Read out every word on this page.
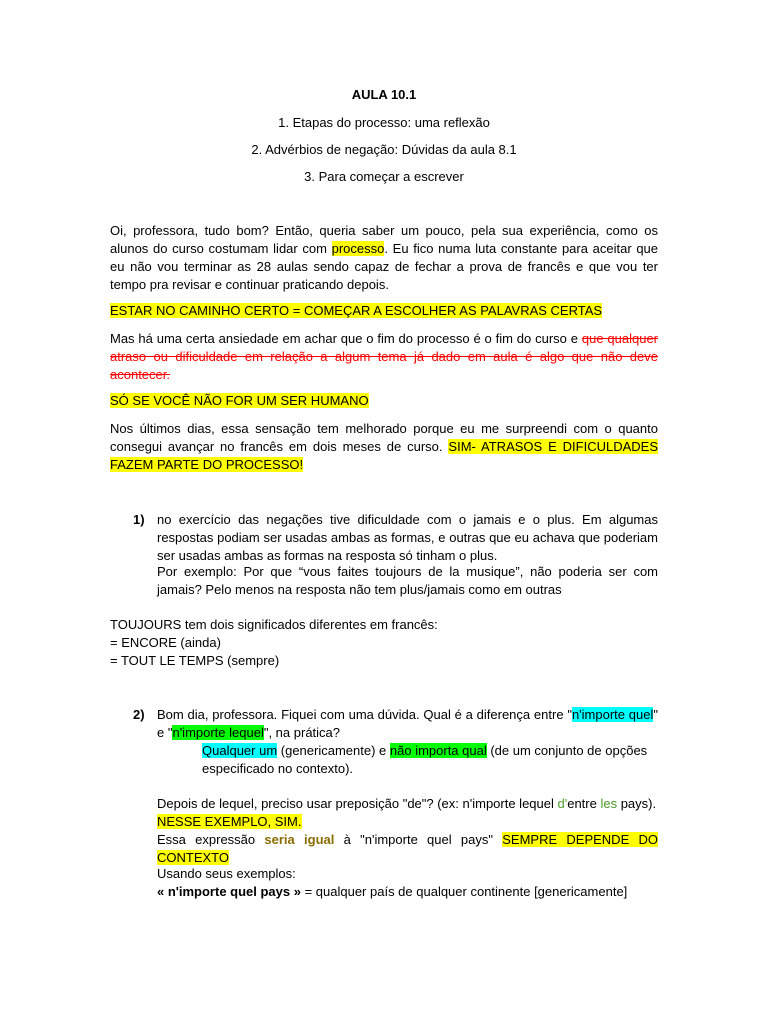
AULA 10.1
1. Etapas do processo: uma reflexão
2. Advérbios de negação: Dúvidas da aula 8.1
3. Para começar a escrever
Oi, professora, tudo bom? Então, queria saber um pouco, pela sua experiência, como os alunos do curso costumam lidar com processo. Eu fico numa luta constante para aceitar que eu não vou terminar as 28 aulas sendo capaz de fechar a prova de francês e que vou ter tempo pra revisar e continuar praticando depois.
ESTAR NO CAMINHO CERTO = COMEÇAR A ESCOLHER AS PALAVRAS CERTAS
Mas há uma certa ansiedade em achar que o fim do processo é o fim do curso e que qualquer atraso ou dificuldade em relação a algum tema já dado em aula é algo que não deve acontecer.
SÓ SE VOCÊ NÃO FOR UM SER HUMANO
Nos últimos dias, essa sensação tem melhorado porque eu me surpreendi com o quanto consegui avançar no francês em dois meses de curso. SIM- ATRASOS E DIFICULDADES FAZEM PARTE DO PROCESSO!
1) no exercício das negações tive dificuldade com o jamais e o plus. Em algumas respostas podiam ser usadas ambas as formas, e outras que eu achava que poderiam ser usadas ambas as formas na resposta só tinham o plus.
Por exemplo: Por que “vous faites toujours de la musique”, não poderia ser com jamais? Pelo menos na resposta não tem plus/jamais como em outras
TOUJOURS tem dois significados diferentes em francês:
= ENCORE (ainda)
= TOUT LE TEMPS (sempre)
2) Bom dia, professora. Fiquei com uma dúvida. Qual é a diferença entre "n'importe quel" e "n'importe lequel", na prática?
Qualquer um (genericamente) e não importa qual (de um conjunto de opções especificado no contexto).
Depois de lequel, preciso usar preposição "de"? (ex: n'importe lequel d'entre les pays).
NESSE EXEMPLO, SIM.
Essa expressão seria igual à "n'importe quel pays" SEMPRE DEPENDE DO CONTEXTO
Usando seus exemplos:
« n'importe quel pays » = qualquer país de qualquer continente [genericamente]
